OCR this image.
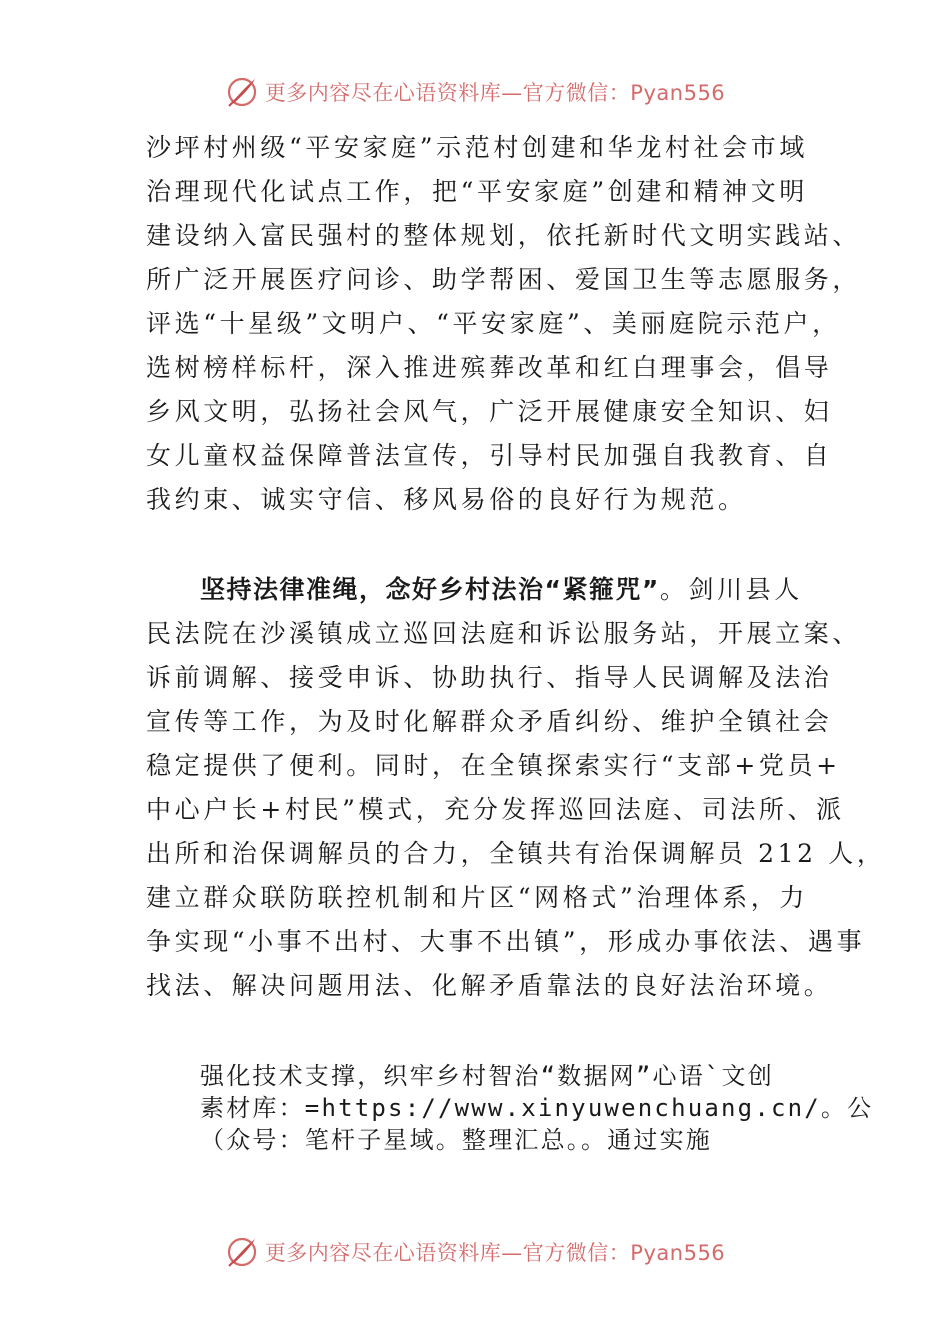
更多内容尽在心语资料库—官方微信：Pyan556

沙坪村州级“平安家庭”示范村创建和华龙村社会市域
治理现代化试点工作，把“平安家庭”创建和精神文明
建设纳入富民强村的整体规划，依托新时代文明实践站、
所广泛开展医疗问诊、助学帮困、爱国卫生等志愿服务，
评选“十星级”文明户、“平安家庭”、美丽庭院示范户，
选树榜样标杆，深入推进殡葬改革和红白理事会，倡导
乡风文明，弘扬社会风气，广泛开展健康安全知识、妇
女儿童权益保障普法宣传，引导村民加强自我教育、自
我约束、诚实守信、移风易俗的良好行为规范。

坚持法律准绳，念好乡村法治“紧箍咒”。剑川县人
民法院在沙溪镇成立巡回法庭和诉讼服务站，开展立案、
诉前调解、接受申诉、协助执行、指导人民调解及法治
宣传等工作，为及时化解群众矛盾纠纷、维护全镇社会
稳定提供了便利。同时，在全镇探索实行“支部+党员+
中心户长+村民”模式，充分发挥巡回法庭、司法所、派
出所和治保调解员的合力，全镇共有治保调解员 212 人，
建立群众联防联控机制和片区“网格式”治理体系，力
争实现“小事不出村、大事不出镇”，形成办事依法、遇事
找法、解决问题用法、化解矛盾靠法的良好法治环境。

强化技术支撑，织牢乡村智治“数据网”心语`文创
素材库：=https://www.xinyuwenchuang.cn/。公
（众号：笔杆子星域。整理汇总。。通过实施

更多内容尽在心语资料库—官方微信：Pyan556
